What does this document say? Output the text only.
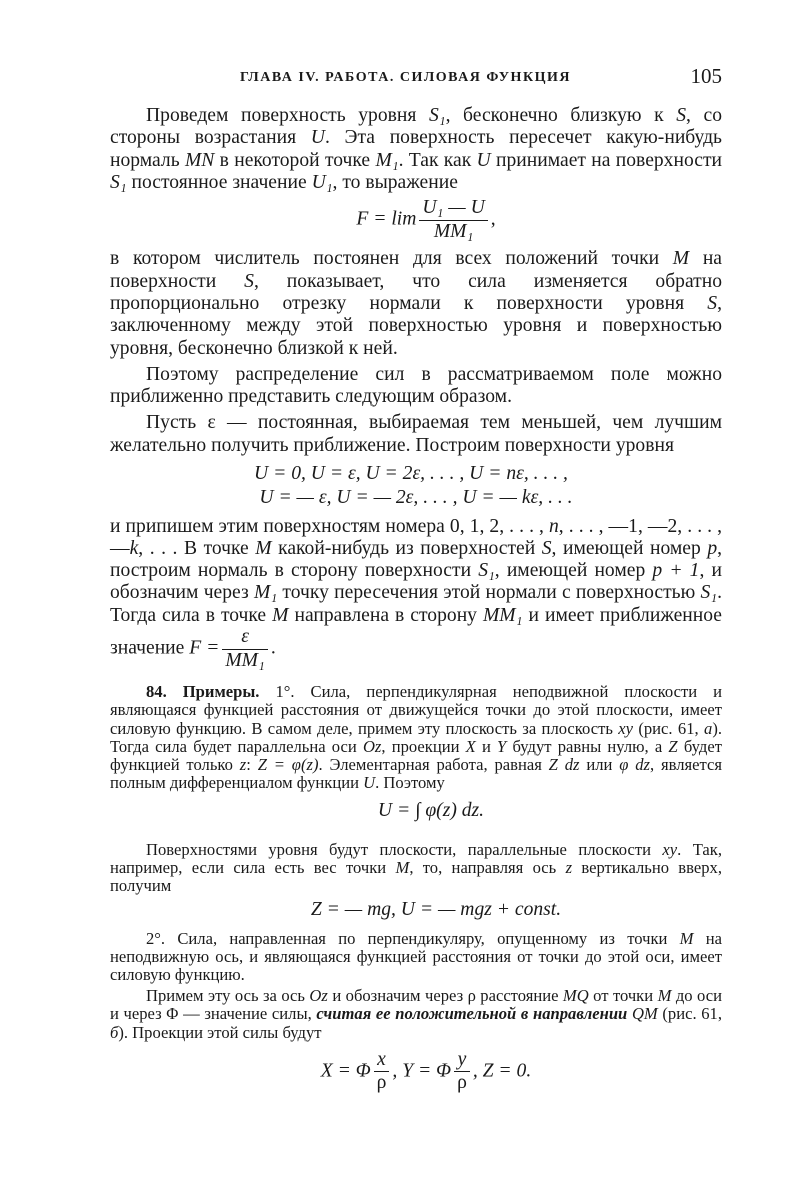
ГЛАВА IV. РАБОТА. СИЛОВАЯ ФУНКЦИЯ	105

Проведем поверхность уровня S₁, бесконечно близкую к S, со стороны возрастания U. Эта поверхность пересечет какую-нибудь нормаль MN в некоторой точке M₁. Так как U принимает на поверхности S₁ постоянное значение U₁, то выражение

$F = \lim \frac{\text{U₁ — U}}{\text{MM₁}}$ ,

в котором числитель постоянен для всех положений точки M на поверхности S, показывает, что сила изменяется обратно пропорционально отрезку нормали к поверхности уровня S, заключенному между этой поверхностью уровня и поверхностью уровня, бесконечно близкой к ней.

Поэтому распределение сил в рассматриваемом поле можно приближенно представить следующим образом.

Пусть ε — постоянная, выбираемая тем меньшей, чем лучшим желательно получить приближение. Построим поверхности уровня

U = 0, U = ε, U = 2ε, . . . , U = nε, . . . ,
U = — ε, U = — 2ε, . . . , U = — kε, . . .

и припишем этим поверхностям номера 0, 1, 2, . . . , n, . . . , —1, —2, . . . , —k, . . . В точке M какой-нибудь из поверхностей S, имеющей номер p, построим нормаль в сторону поверхности S₁, имеющей номер p + 1, и обозначим через M₁ точку пересечения этой нормали с поверхностью S₁. Тогда сила в точке M направлена в сторону MM₁ и имеет приближенное значение $F = \frac{\varepsilon}{\text{MM₁}}$ .

84. Примеры. 1°. Сила, перпендикулярная неподвижной плоскости и являющаяся функцией расстояния от движущейся точки до этой плоскости, имеет силовую функцию. В самом деле, примем эту плоскость за плоскость xy (рис. 61, а). Тогда сила будет параллельна оси Oz, проекции X и Y будут равны нулю, а Z будет функцией только z: Z = φ(z). Элементарная работа, равная Z dz или φ dz, является полным дифференциалом функции U. Поэтому

U = ∫ φ(z) dz.

Поверхностями уровня будут плоскости, параллельные плоскости xy. Так, например, если сила есть вес точки M, то, направляя ось z вертикально вверх, получим

Z = — mg, U = — mgz + const.

2°. Сила, направленная по перпендикуляру, опущенному из точки M на неподвижную ось, и являющаяся функцией расстояния от точки до этой оси, имеет силовую функцию.

Примем эту ось за ось Oz и обозначим через ρ расстояние MQ от точки M до оси и через Φ — значение силы, считая ее положительной в направлении QM (рис. 61, б). Проекции этой силы будут

X = Φ $\frac{x}{\rho}$ , Y = Φ $\frac{y}{\rho}$ , Z = 0.
